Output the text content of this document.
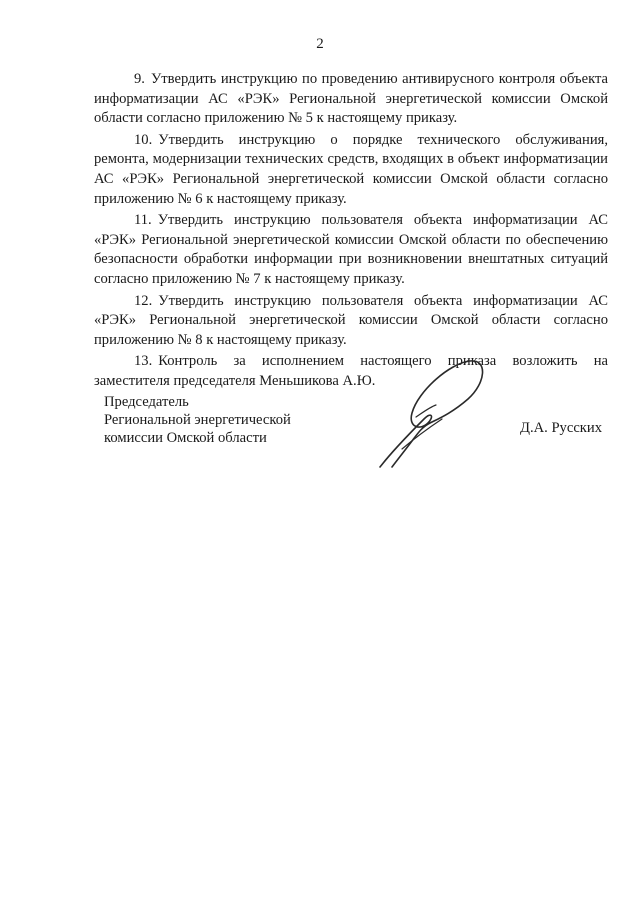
2

9. Утвердить инструкцию по проведению антивирусного контроля объекта информатизации АС «РЭК» Региональной энергетической комиссии Омской области согласно приложению № 5 к настоящему приказу.

10. Утвердить инструкцию о порядке технического обслуживания, ремонта, модернизации технических средств, входящих в объект информатизации АС «РЭК» Региональной энергетической комиссии Омской области согласно приложению № 6 к настоящему приказу.

11. Утвердить инструкцию пользователя объекта информатизации АС «РЭК» Региональной энергетической комиссии Омской области по обеспечению безопасности обработки информации при возникновении внештатных ситуаций согласно приложению № 7 к настоящему приказу.

12. Утвердить инструкцию пользователя объекта информатизации АС «РЭК» Региональной энергетической комиссии Омской области согласно приложению № 8 к настоящему приказу.

13. Контроль за исполнением настоящего приказа возложить на заместителя председателя Меньшикова А.Ю.

Председатель
Региональной энергетической
комиссии Омской области
Д.А. Русских
